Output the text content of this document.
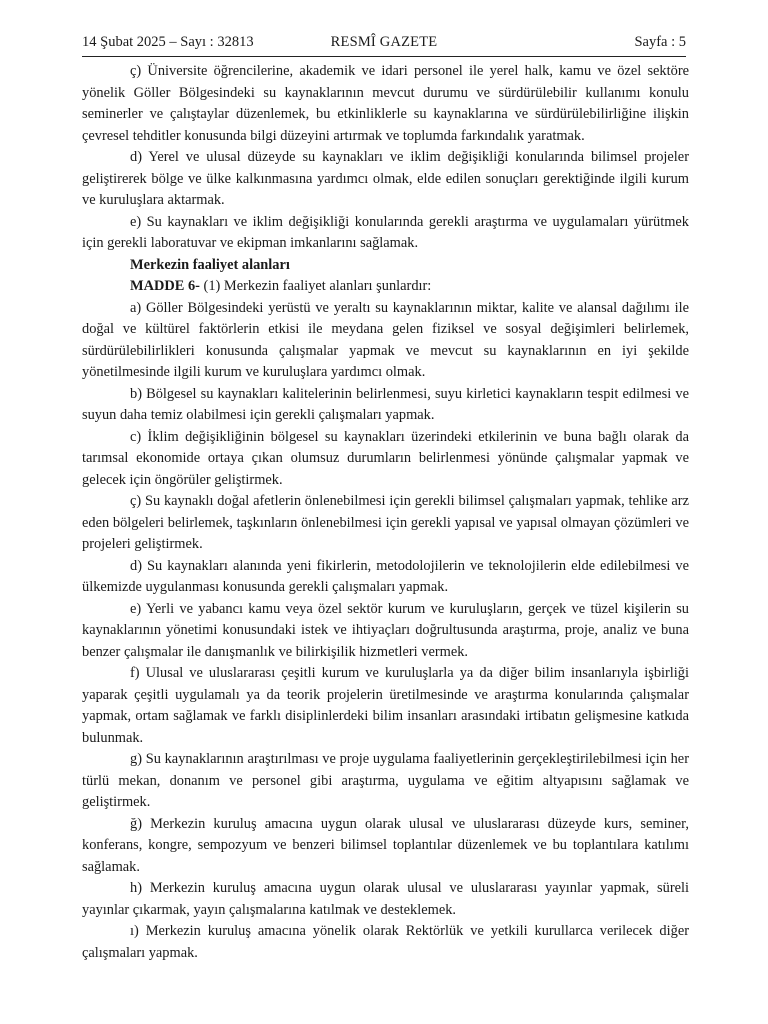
14 Şubat 2025 – Sayı : 32813	RESMÎ GAZETE	Sayfa : 5

ç) Üniversite öğrencilerine, akademik ve idari personel ile yerel halk, kamu ve özel sektöre yönelik Göller Bölgesindeki su kaynaklarının mevcut durumu ve sürdürülebilir kullanımı konulu seminerler ve çalıştaylar düzenlemek, bu etkinliklerle su kaynaklarına ve sürdürülebilirliğine ilişkin çevresel tehditler konusunda bilgi düzeyini artırmak ve toplumda farkındalık yaratmak.

d) Yerel ve ulusal düzeyde su kaynakları ve iklim değişikliği konularında bilimsel projeler geliştirerek bölge ve ülke kalkınmasına yardımcı olmak, elde edilen sonuçları gerektiğinde ilgili kurum ve kuruluşlara aktarmak.

e) Su kaynakları ve iklim değişikliği konularında gerekli araştırma ve uygulamaları yürütmek için gerekli laboratuvar ve ekipman imkanlarını sağlamak.

Merkezin faaliyet alanları

MADDE 6- (1) Merkezin faaliyet alanları şunlardır:

a) Göller Bölgesindeki yerüstü ve yeraltı su kaynaklarının miktar, kalite ve alansal dağılımı ile doğal ve kültürel faktörlerin etkisi ile meydana gelen fiziksel ve sosyal değişimleri belirlemek, sürdürülebilirlikleri konusunda çalışmalar yapmak ve mevcut su kaynaklarının en iyi şekilde yönetilmesinde ilgili kurum ve kuruluşlara yardımcı olmak.

b) Bölgesel su kaynakları kalitelerinin belirlenmesi, suyu kirletici kaynakların tespit edilmesi ve suyun daha temiz olabilmesi için gerekli çalışmaları yapmak.

c) İklim değişikliğinin bölgesel su kaynakları üzerindeki etkilerinin ve buna bağlı olarak da tarımsal ekonomide ortaya çıkan olumsuz durumların belirlenmesi yönünde çalışmalar yapmak ve gelecek için öngörüler geliştirmek.

ç) Su kaynaklı doğal afetlerin önlenebilmesi için gerekli bilimsel çalışmaları yapmak, tehlike arz eden bölgeleri belirlemek, taşkınların önlenebilmesi için gerekli yapısal ve yapısal olmayan çözümleri ve projeleri geliştirmek.

d) Su kaynakları alanında yeni fikirlerin, metodolojilerin ve teknolojilerin elde edilebilmesi ve ülkemizde uygulanması konusunda gerekli çalışmaları yapmak.

e) Yerli ve yabancı kamu veya özel sektör kurum ve kuruluşların, gerçek ve tüzel kişilerin su kaynaklarının yönetimi konusundaki istek ve ihtiyaçları doğrultusunda araştırma, proje, analiz ve buna benzer çalışmalar ile danışmanlık ve bilirkişilik hizmetleri vermek.

f) Ulusal ve uluslararası çeşitli kurum ve kuruluşlarla ya da diğer bilim insanlarıyla işbirliği yaparak çeşitli uygulamalı ya da teorik projelerin üretilmesinde ve araştırma konularında çalışmalar yapmak, ortam sağlamak ve farklı disiplinlerdeki bilim insanları arasındaki irtibatın gelişmesine katkıda bulunmak.

g) Su kaynaklarının araştırılması ve proje uygulama faaliyetlerinin gerçekleştirilebilmesi için her türlü mekan, donanım ve personel gibi araştırma, uygulama ve eğitim altyapısını sağlamak ve geliştirmek.

ğ) Merkezin kuruluş amacına uygun olarak ulusal ve uluslararası düzeyde kurs, seminer, konferans, kongre, sempozyum ve benzeri bilimsel toplantılar düzenlemek ve bu toplantılara katılımı sağlamak.

h) Merkezin kuruluş amacına uygun olarak ulusal ve uluslararası yayınlar yapmak, süreli yayınlar çıkarmak, yayın çalışmalarına katılmak ve desteklemek.

ı) Merkezin kuruluş amacına yönelik olarak Rektörlük ve yetkili kurullarca verilecek diğer çalışmaları yapmak.
